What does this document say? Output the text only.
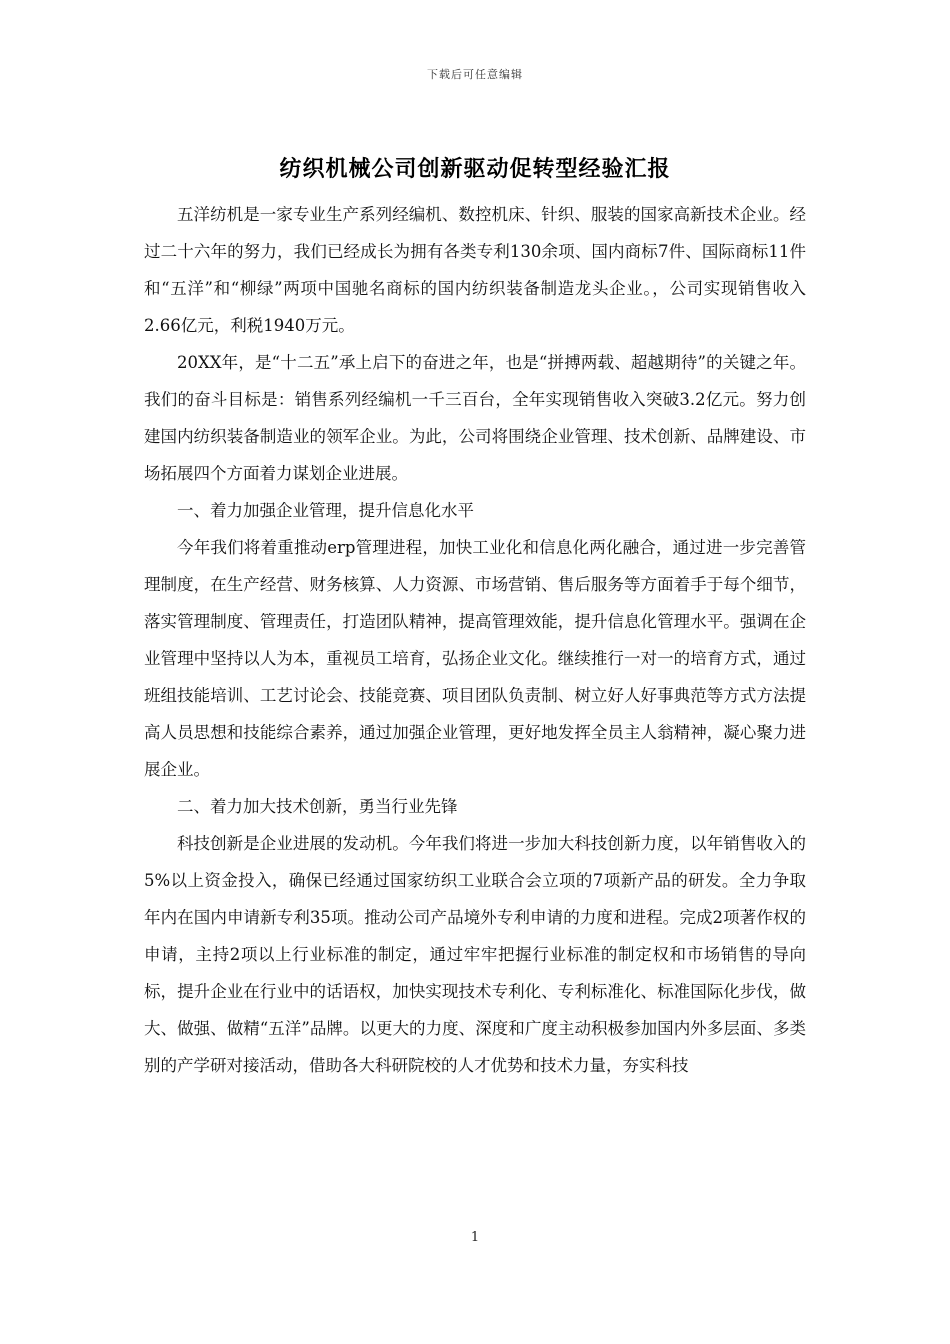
下载后可任意编辑
纺织机械公司创新驱动促转型经验汇报

五洋纺机是一家专业生产系列经编机、数控机床、针织、服装的国家高新技术企业。经过二十六年的努力，我们已经成长为拥有各类专利130余项、国内商标7件、国际商标11件和“五洋”和“柳绿”两项中国驰名商标的国内纺织装备制造龙头企业。，公司实现销售收入2.66亿元，利税1940万元。

20XX年，是“十二五”承上启下的奋进之年，也是“拼搏两载、超越期待”的关键之年。我们的奋斗目标是：销售系列经编机一千三百台，全年实现销售收入突破3.2亿元。努力创建国内纺织装备制造业的领军企业。为此，公司将围绕企业管理、技术创新、品牌建设、市场拓展四个方面着力谋划企业进展。

一、着力加强企业管理，提升信息化水平

今年我们将着重推动erp管理进程，加快工业化和信息化两化融合，通过进一步完善管理制度，在生产经营、财务核算、人力资源、市场营销、售后服务等方面着手于每个细节，落实管理制度、管理责任，打造团队精神，提高管理效能，提升信息化管理水平。强调在企业管理中坚持以人为本，重视员工培育，弘扬企业文化。继续推行一对一的培育方式，通过班组技能培训、工艺讨论会、技能竞赛、项目团队负责制、树立好人好事典范等方式方法提高人员思想和技能综合素养，通过加强企业管理，更好地发挥全员主人翁精神，凝心聚力进展企业。

二、着力加大技术创新，勇当行业先锋

科技创新是企业进展的发动机。今年我们将进一步加大科技创新力度，以年销售收入的5%以上资金投入，确保已经通过国家纺织工业联合会立项的7项新产品的研发。全力争取年内在国内申请新专利35项。推动公司产品境外专利申请的力度和进程。完成2项著作权的申请，主持2项以上行业标准的制定，通过牢牢把握行业标准的制定权和市场销售的导向标，提升企业在行业中的话语权，加快实现技术专利化、专利标准化、标准国际化步伐，做大、做强、做精“五洋”品牌。以更大的力度、深度和广度主动积极参加国内外多层面、多类别的产学研对接活动，借助各大科研院校的人才优势和技术力量，夯实科技

1
